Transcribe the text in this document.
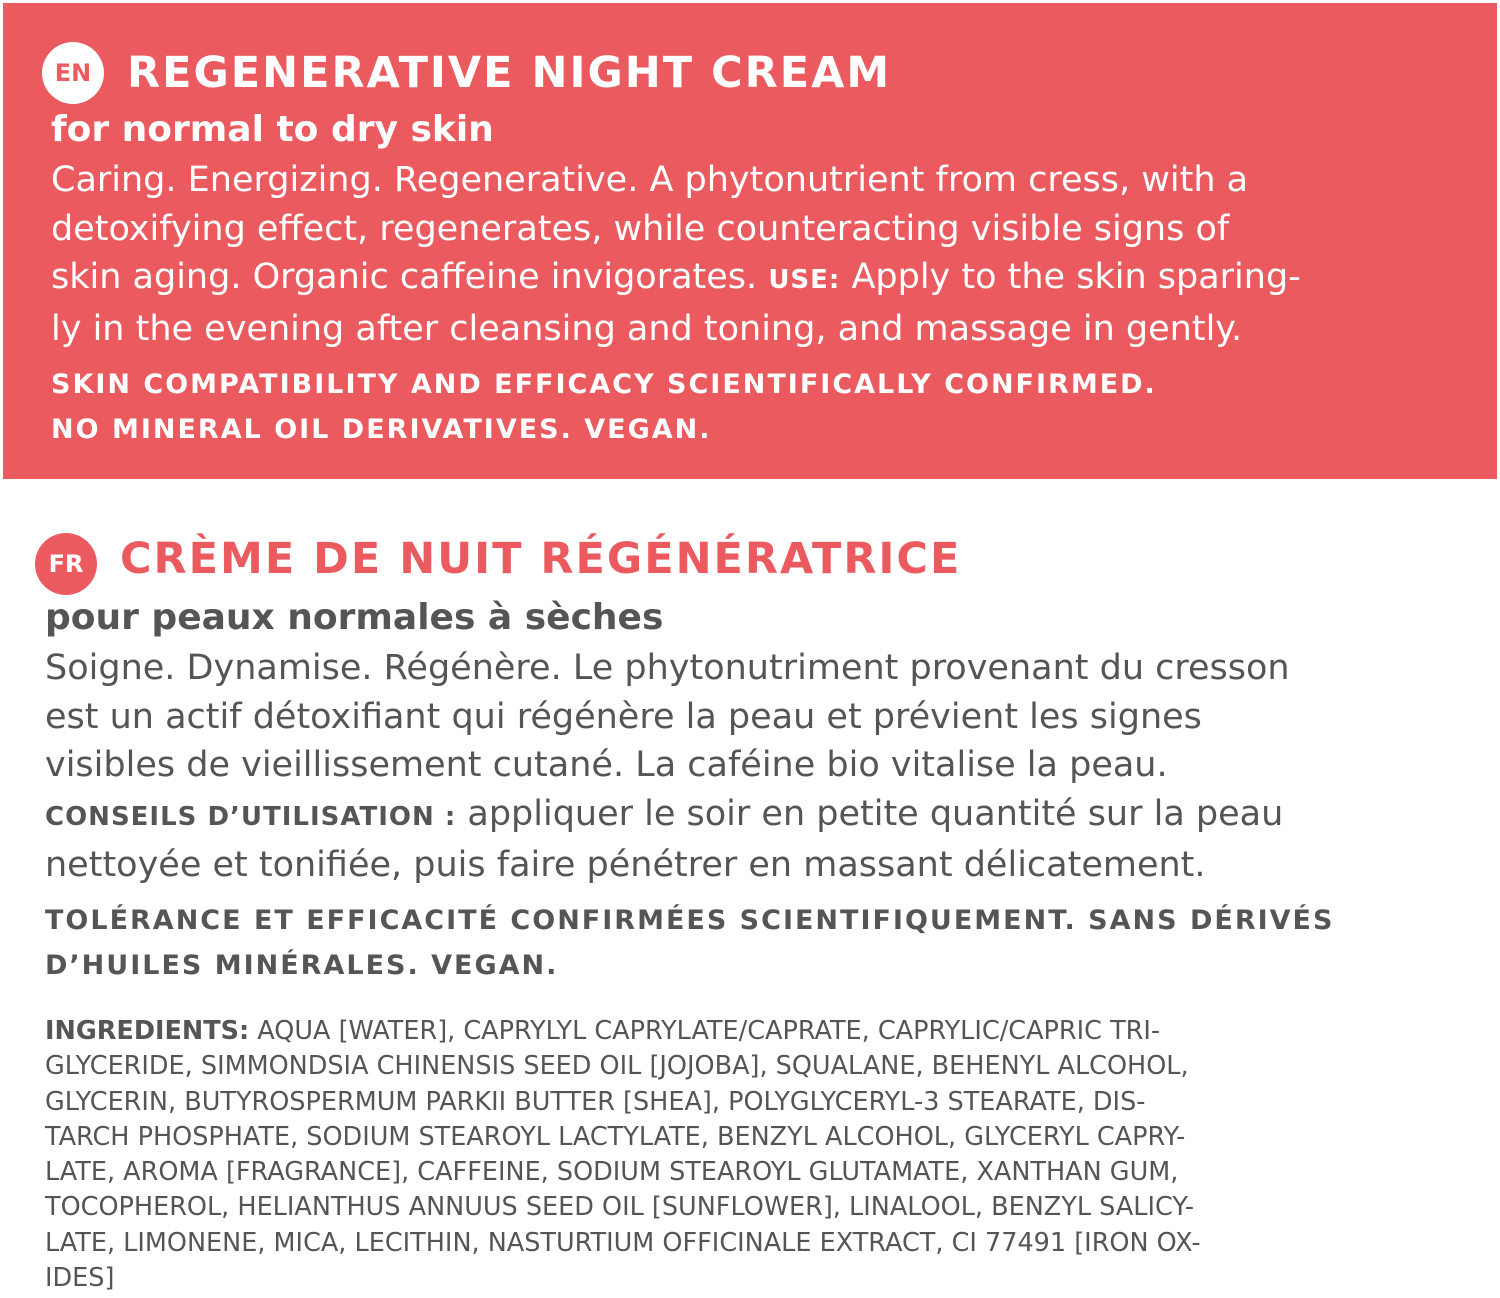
EN REGENERATIVE NIGHT CREAM
for normal to dry skin
Caring. Energizing. Regenerative. A phytonutrient from cress, with a
detoxifying effect, regenerates, while counteracting visible signs of
skin aging. Organic caffeine invigorates. USE: Apply to the skin sparing-
ly in the evening after cleansing and toning, and massage in gently.
SKIN COMPATIBILITY AND EFFICACY SCIENTIFICALLY CONFIRMED.
NO MINERAL OIL DERIVATIVES. VEGAN.
FR CRÈME DE NUIT RÉGÉNÉRATRICE
pour peaux normales à sèches
Soigne. Dynamise. Régénère. Le phytonutriment provenant du cresson
est un actif détoxifiant qui régénère la peau et prévient les signes
visibles de vieillissement cutané. La caféine bio vitalise la peau.
CONSEILS D’UTILISATION : appliquer le soir en petite quantité sur la peau
nettoyée et tonifiée, puis faire pénétrer en massant délicatement.
TOLÉRANCE ET EFFICACITÉ CONFIRMÉES SCIENTIFIQUEMENT. SANS DÉRIVÉS
D’HUILES MINÉRALES. VEGAN.
INGREDIENTS: AQUA [WATER], CAPRYLYL CAPRYLATE/CAPRATE, CAPRYLIC/CAPRIC TRI-
GLYCERIDE, SIMMONDSIA CHINENSIS SEED OIL [JOJOBA], SQUALANE, BEHENYL ALCOHOL,
GLYCERIN, BUTYROSPERMUM PARKII BUTTER [SHEA], POLYGLYCERYL-3 STEARATE, DIS-
TARCH PHOSPHATE, SODIUM STEAROYL LACTYLATE, BENZYL ALCOHOL, GLYCERYL CAPRY-
LATE, AROMA [FRAGRANCE], CAFFEINE, SODIUM STEAROYL GLUTAMATE, XANTHAN GUM,
TOCOPHEROL, HELIANTHUS ANNUUS SEED OIL [SUNFLOWER], LINALOOL, BENZYL SALICY-
LATE, LIMONENE, MICA, LECITHIN, NASTURTIUM OFFICINALE EXTRACT, CI 77491 [IRON OX-
IDES]
